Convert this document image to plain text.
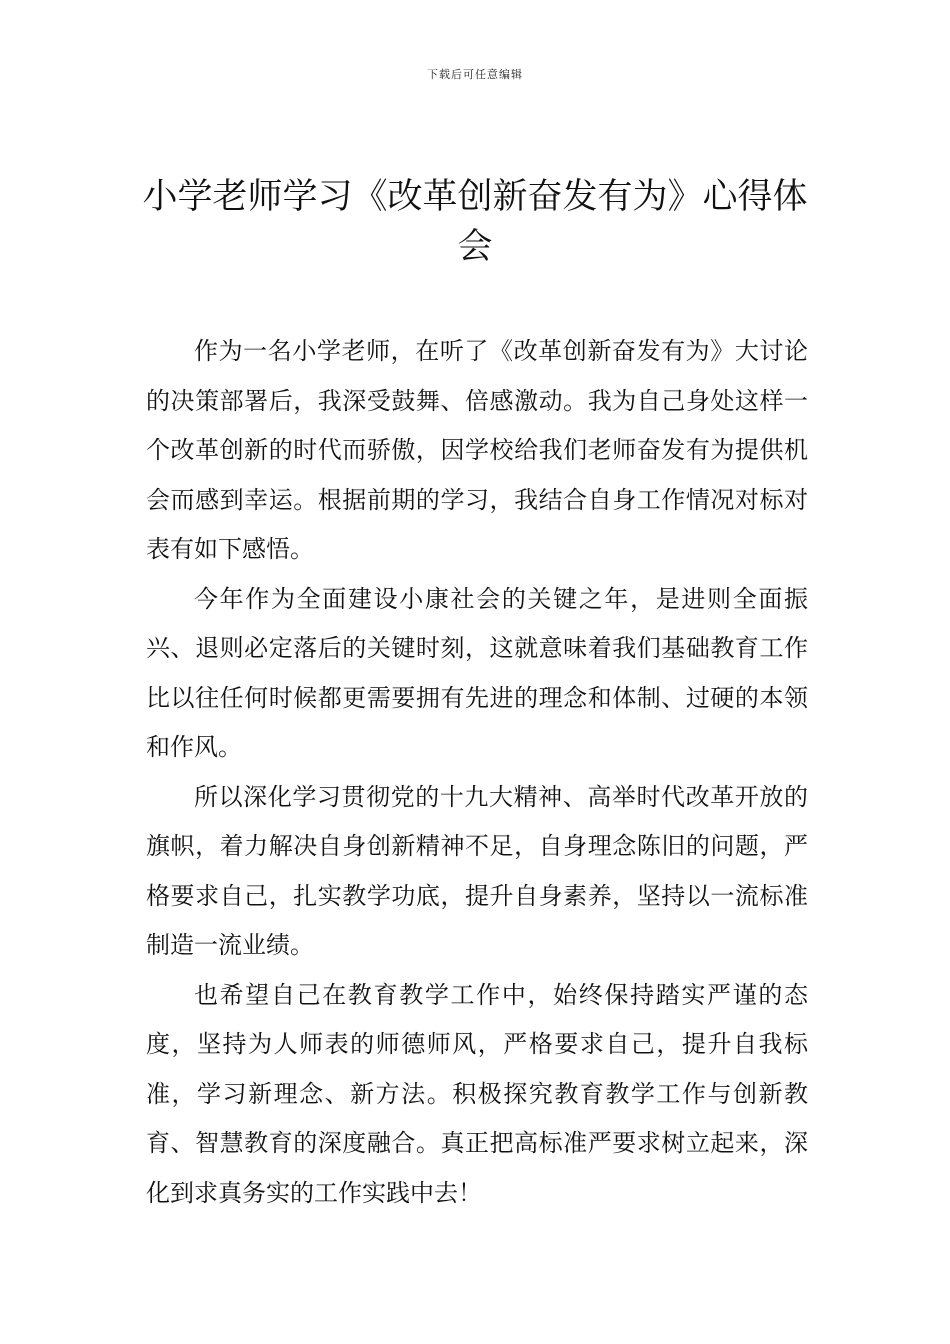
下载后可任意编辑
小学老师学习《改革创新奋发有为》心得体会

作为一名小学老师，在听了《改革创新奋发有为》大讨论的决策部署后，我深受鼓舞、倍感激动。我为自己身处这样一个改革创新的时代而骄傲，因学校给我们老师奋发有为提供机会而感到幸运。根据前期的学习，我结合自身工作情况对标对表有如下感悟。

今年作为全面建设小康社会的关键之年，是进则全面振兴、退则必定落后的关键时刻，这就意味着我们基础教育工作比以往任何时候都更需要拥有先进的理念和体制、过硬的本领和作风。

所以深化学习贯彻党的十九大精神、高举时代改革开放的旗帜，着力解决自身创新精神不足，自身理念陈旧的问题，严格要求自己，扎实教学功底，提升自身素养，坚持以一流标准制造一流业绩。

也希望自己在教育教学工作中，始终保持踏实严谨的态度，坚持为人师表的师德师风，严格要求自己，提升自我标准，学习新理念、新方法。积极探究教育教学工作与创新教育、智慧教育的深度融合。真正把高标准严要求树立起来，深化到求真务实的工作实践中去！
